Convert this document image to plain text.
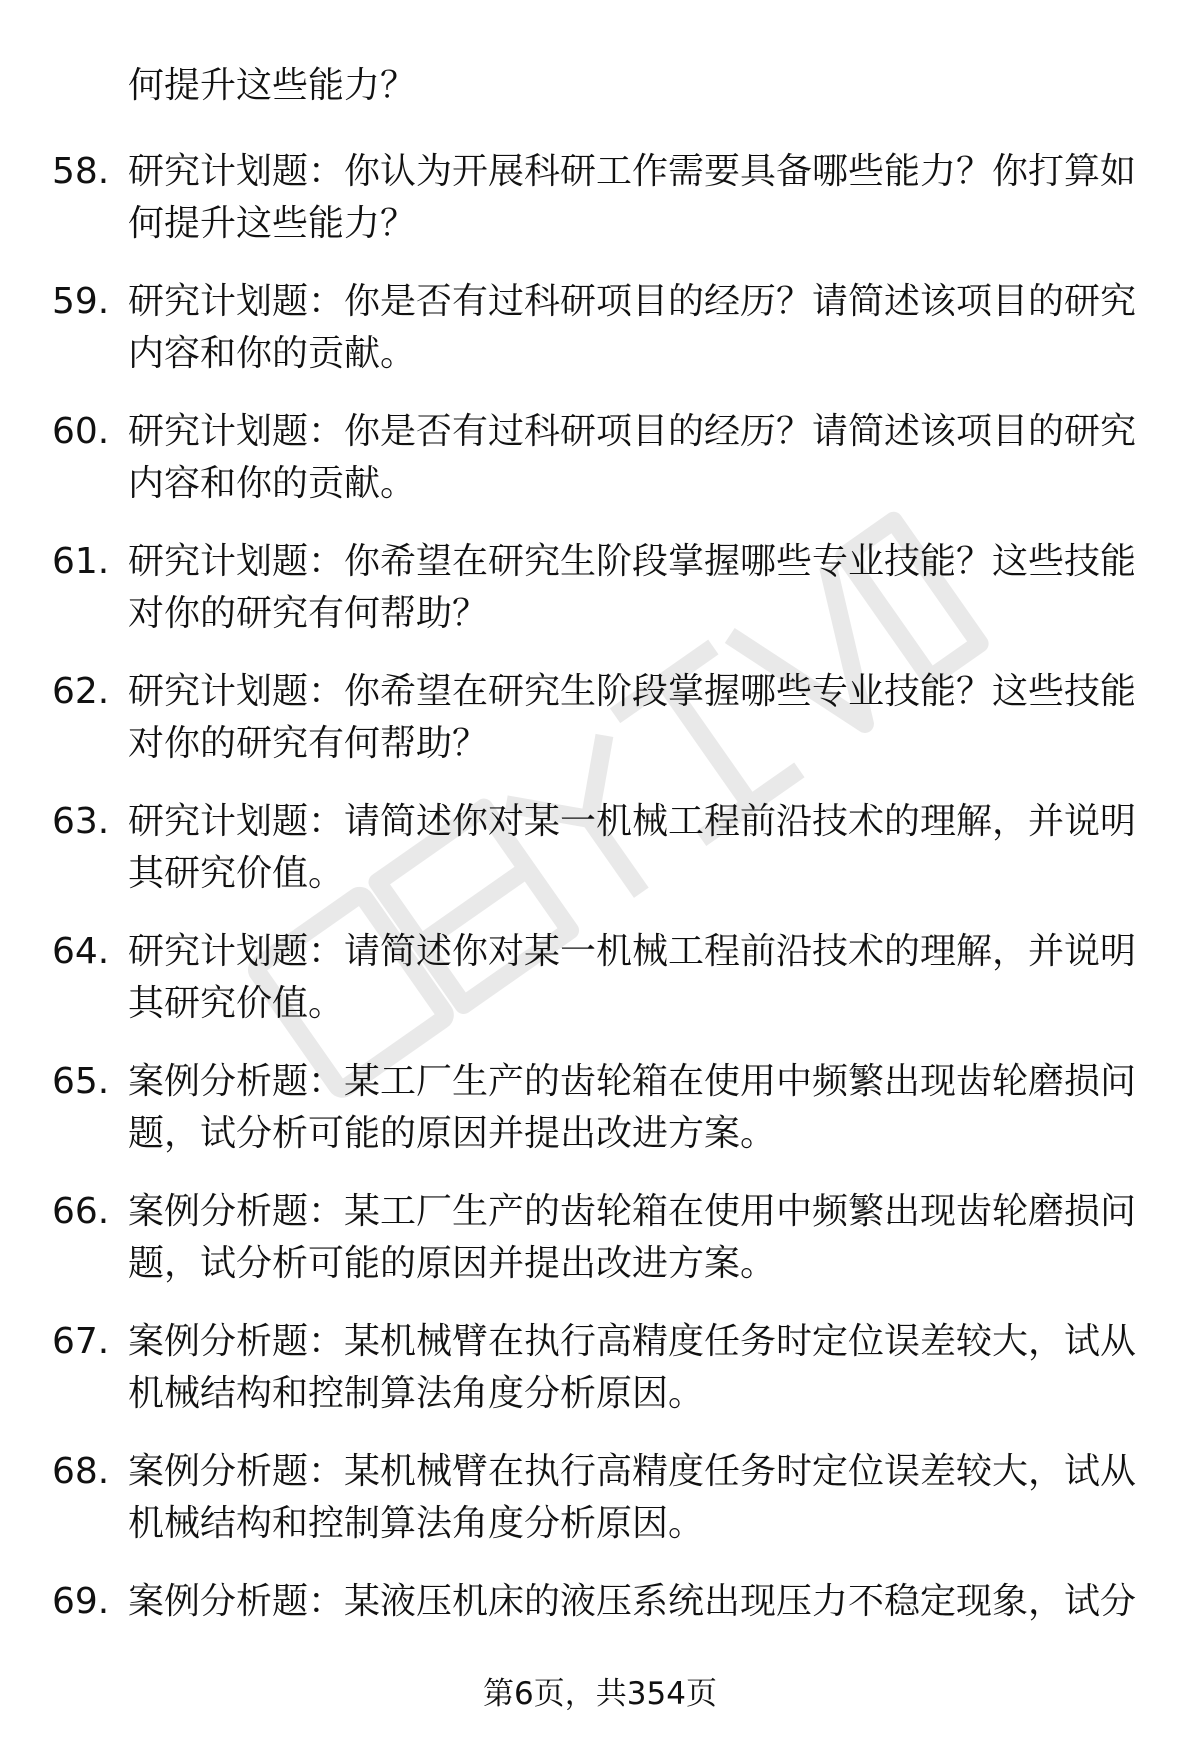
何提升这些能力？
58. 研究计划题：你认为开展科研工作需要具备哪些能力？你打算如
何提升这些能力？
59. 研究计划题：你是否有过科研项目的经历？请简述该项目的研究
内容和你的贡献。
60. 研究计划题：你是否有过科研项目的经历？请简述该项目的研究
内容和你的贡献。
61. 研究计划题：你希望在研究生阶段掌握哪些专业技能？这些技能
对你的研究有何帮助？
62. 研究计划题：你希望在研究生阶段掌握哪些专业技能？这些技能
对你的研究有何帮助？
63. 研究计划题：请简述你对某一机械工程前沿技术的理解，并说明
其研究价值。
64. 研究计划题：请简述你对某一机械工程前沿技术的理解，并说明
其研究价值。
65. 案例分析题：某工厂生产的齿轮箱在使用中频繁出现齿轮磨损问
题，试分析可能的原因并提出改进方案。
66. 案例分析题：某工厂生产的齿轮箱在使用中频繁出现齿轮磨损问
题，试分析可能的原因并提出改进方案。
67. 案例分析题：某机械臂在执行高精度任务时定位误差较大，试从
机械结构和控制算法角度分析原因。
68. 案例分析题：某机械臂在执行高精度任务时定位误差较大，试从
机械结构和控制算法角度分析原因。
69. 案例分析题：某液压机床的液压系统出现压力不稳定现象，试分
第6页，共354页
